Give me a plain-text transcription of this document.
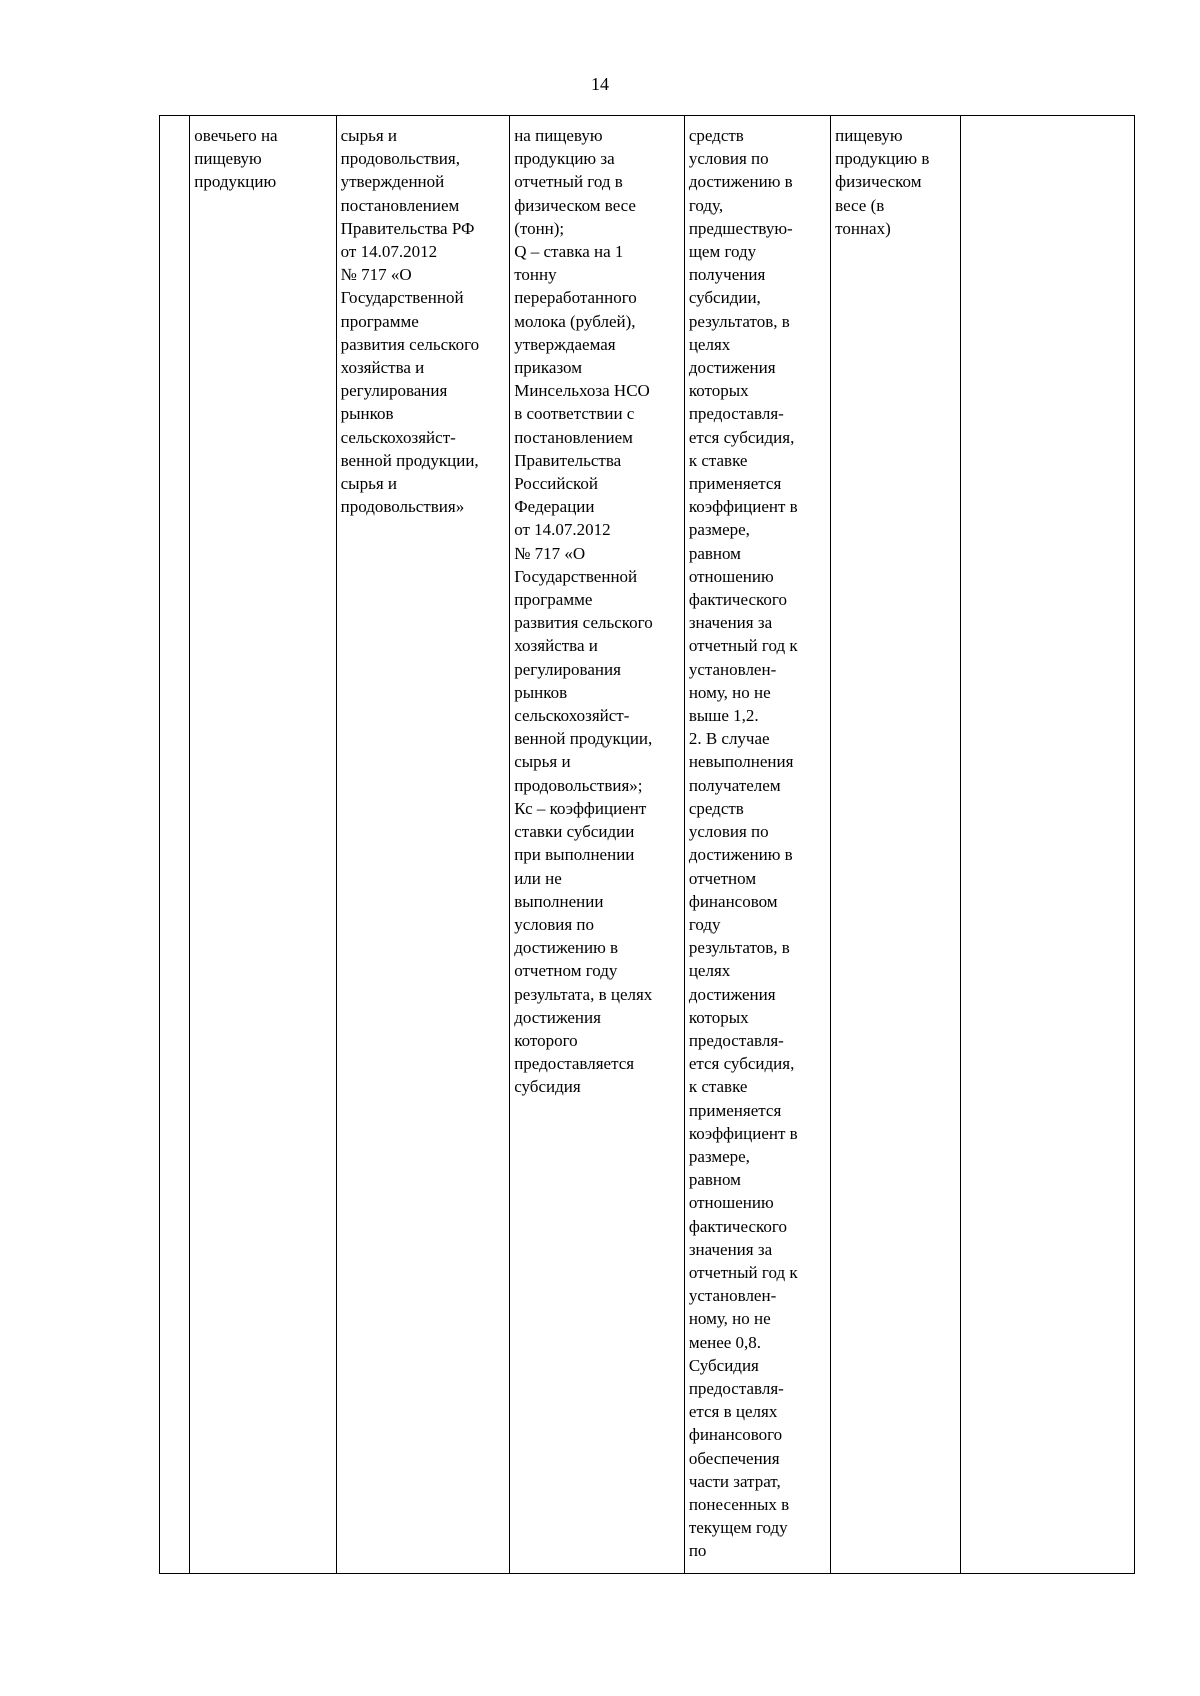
14
	овечьего на
пищевую
продукцию	сырья и
продовольствия,
утвержденной
постановлением
Правительства РФ
от 14.07.2012
№ 717 «О
Государственной
программе
развития сельского
хозяйства и
регулирования
рынков
сельскохозяйст-
венной продукции,
сырья и
продовольствия»	на пищевую
продукцию за
отчетный год в
физическом весе
(тонн);
Q – ставка на 1
тонну
переработанного
молока (рублей),
утверждаемая
приказом
Минсельхоза НСО
в соответствии с
постановлением
Правительства
Российской
Федерации
от 14.07.2012
№ 717 «О
Государственной
программе
развития сельского
хозяйства и
регулирования
рынков
сельскохозяйст-
венной продукции,
сырья и
продовольствия»;
Кс – коэффициент
ставки субсидии
при выполнении
или не
выполнении
условия по
достижению в
отчетном году
результата, в целях
достижения
которого
предоставляется
субсидия	средств
условия по
достижению в
году,
предшествую-
щем году
получения
субсидии,
результатов, в
целях
достижения
которых
предоставля-
ется субсидия,
к ставке
применяется
коэффициент в
размере,
равном
отношению
фактического
значения за
отчетный год к
установлен-
ному, но не
выше 1,2.
2. В случае
невыполнения
получателем
средств
условия по
достижению в
отчетном
финансовом
году
результатов, в
целях
достижения
которых
предоставля-
ется субсидия,
к ставке
применяется
коэффициент в
размере,
равном
отношению
фактического
значения за
отчетный год к
установлен-
ному, но не
менее 0,8.
Субсидия
предоставля-
ется в целях
финансового
обеспечения
части затрат,
понесенных в
текущем году
по	пищевую
продукцию в
физическом
весе (в
тоннах)	
